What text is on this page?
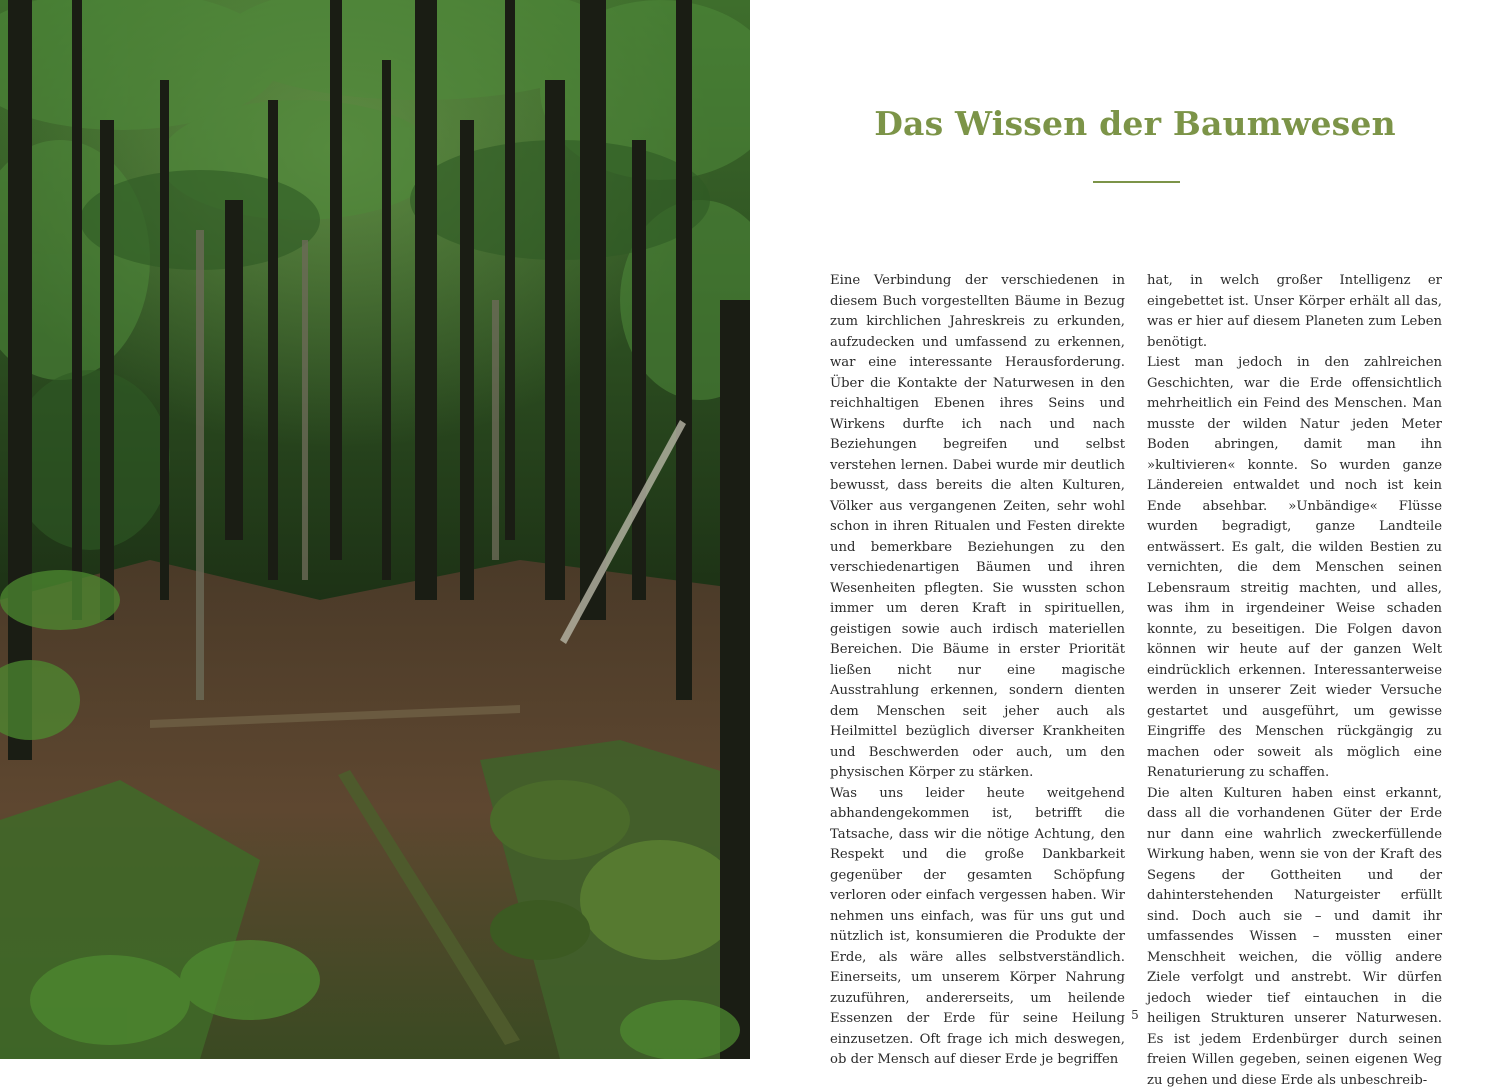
Das Wissen der Baumwesen

Eine Verbindung der verschiedenen in diesem Buch vorgestellten Bäume in Bezug zum kirchlichen Jahreskreis zu erkunden, aufzudecken und umfassend zu erkennen, war eine interessante Herausforderung. Über die Kontakte der Naturwesen in den reichhaltigen Ebenen ihres Seins und Wirkens durfte ich nach und nach Beziehungen begreifen und selbst verstehen lernen. Dabei wurde mir deutlich bewusst, dass bereits die alten Kulturen, Völker aus vergangenen Zeiten, sehr wohl schon in ihren Ritualen und Festen direkte und bemerkbare Beziehungen zu den verschiedenartigen Bäumen und ihren Wesenheiten pflegten. Sie wussten schon immer um deren Kraft in spirituellen, geistigen sowie auch irdisch materiellen Bereichen. Die Bäume in erster Priorität ließen nicht nur eine magische Ausstrahlung erkennen, sondern dienten dem Menschen seit jeher auch als Heilmittel bezüglich diverser Krankheiten und Beschwerden oder auch, um den physischen Körper zu stärken.

Was uns leider heute weitgehend abhandengekommen ist, betrifft die Tatsache, dass wir die nötige Achtung, den Respekt und die große Dankbarkeit gegenüber der gesamten Schöpfung verloren oder einfach vergessen haben. Wir nehmen uns einfach, was für uns gut und nützlich ist, konsumieren die Produkte der Erde, als wäre alles selbstverständlich. Einerseits, um unserem Körper Nahrung zuzuführen, andererseits, um heilende Essenzen der Erde für seine Heilung einzusetzen. Oft frage ich mich deswegen, ob der Mensch auf dieser Erde je begriffen

hat, in welch großer Intelligenz er eingebettet ist. Unser Körper erhält all das, was er hier auf diesem Planeten zum Leben benötigt.

Liest man jedoch in den zahlreichen Geschichten, war die Erde offensichtlich mehrheitlich ein Feind des Menschen. Man musste der wilden Natur jeden Meter Boden abringen, damit man ihn »kultivieren« konnte. So wurden ganze Ländereien entwaldet und noch ist kein Ende absehbar. »Unbändige« Flüsse wurden begradigt, ganze Landteile entwässert. Es galt, die wilden Bestien zu vernichten, die dem Menschen seinen Lebensraum streitig machten, und alles, was ihm in irgendeiner Weise schaden konnte, zu beseitigen. Die Folgen davon können wir heute auf der ganzen Welt eindrücklich erkennen. Interessanterweise werden in unserer Zeit wieder Versuche gestartet und ausgeführt, um gewisse Eingriffe des Menschen rückgängig zu machen oder soweit als möglich eine Renaturierung zu schaffen.

Die alten Kulturen haben einst erkannt, dass all die vorhandenen Güter der Erde nur dann eine wahrlich zweckerfüllende Wirkung haben, wenn sie von der Kraft des Segens der Gottheiten und der dahinterstehenden Naturgeister erfüllt sind. Doch auch sie – und damit ihr umfassendes Wissen – mussten einer Menschheit weichen, die völlig andere Ziele verfolgt und anstrebt. Wir dürfen jedoch wieder tief eintauchen in die heiligen Strukturen unserer Naturwesen. Es ist jedem Erdenbürger durch seinen freien Willen gegeben, seinen eigenen Weg zu gehen und diese Erde als unbeschreib-

5
